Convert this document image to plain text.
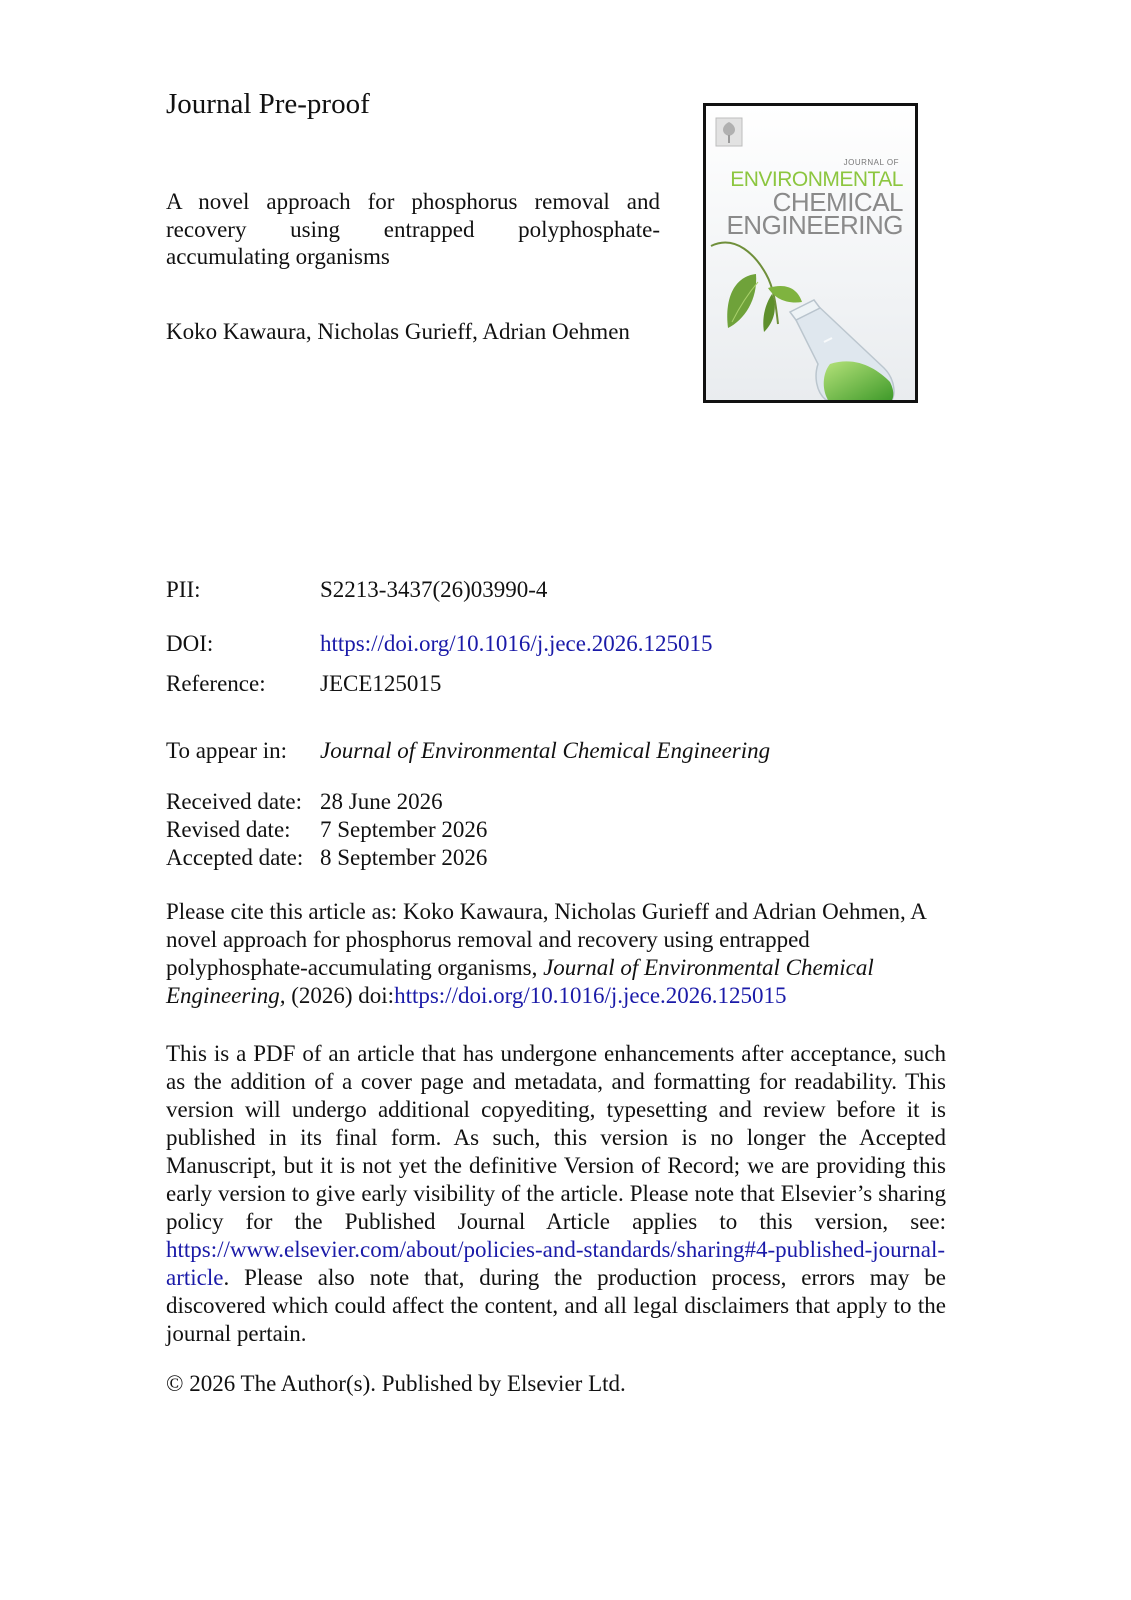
Journal Pre-proof
A novel approach for phosphorus removal and recovery using entrapped polyphosphate-accumulating organisms
Koko Kawaura, Nicholas Gurieff, Adrian Oehmen
JOURNAL OF
ENVIRONMENTAL
CHEMICAL
ENGINEERING
PII:	S2213-3437(26)03990-4
DOI:	https://doi.org/10.1016/j.jece.2026.125015
Reference: JECE125015
To appear in: Journal of Environmental Chemical Engineering
Received date: 28 June 2026
Revised date: 7 September 2026
Accepted date: 8 September 2026
Please cite this article as: Koko Kawaura, Nicholas Gurieff and Adrian Oehmen, A novel approach for phosphorus removal and recovery using entrapped polyphosphate-accumulating organisms, Journal of Environmental Chemical Engineering, (2026) doi:https://doi.org/10.1016/j.jece.2026.125015
This is a PDF of an article that has undergone enhancements after acceptance, such as the addition of a cover page and metadata, and formatting for readability. This version will undergo additional copyediting, typesetting and review before it is published in its final form. As such, this version is no longer the Accepted Manuscript, but it is not yet the definitive Version of Record; we are providing this early version to give early visibility of the article. Please note that Elsevier’s sharing policy for the Published Journal Article applies to this version, see: https://www.elsevier.com/about/policies-and-standards/sharing#4-published-journal-article. Please also note that, during the production process, errors may be discovered which could affect the content, and all legal disclaimers that apply to the journal pertain.
© 2026 The Author(s). Published by Elsevier Ltd.
